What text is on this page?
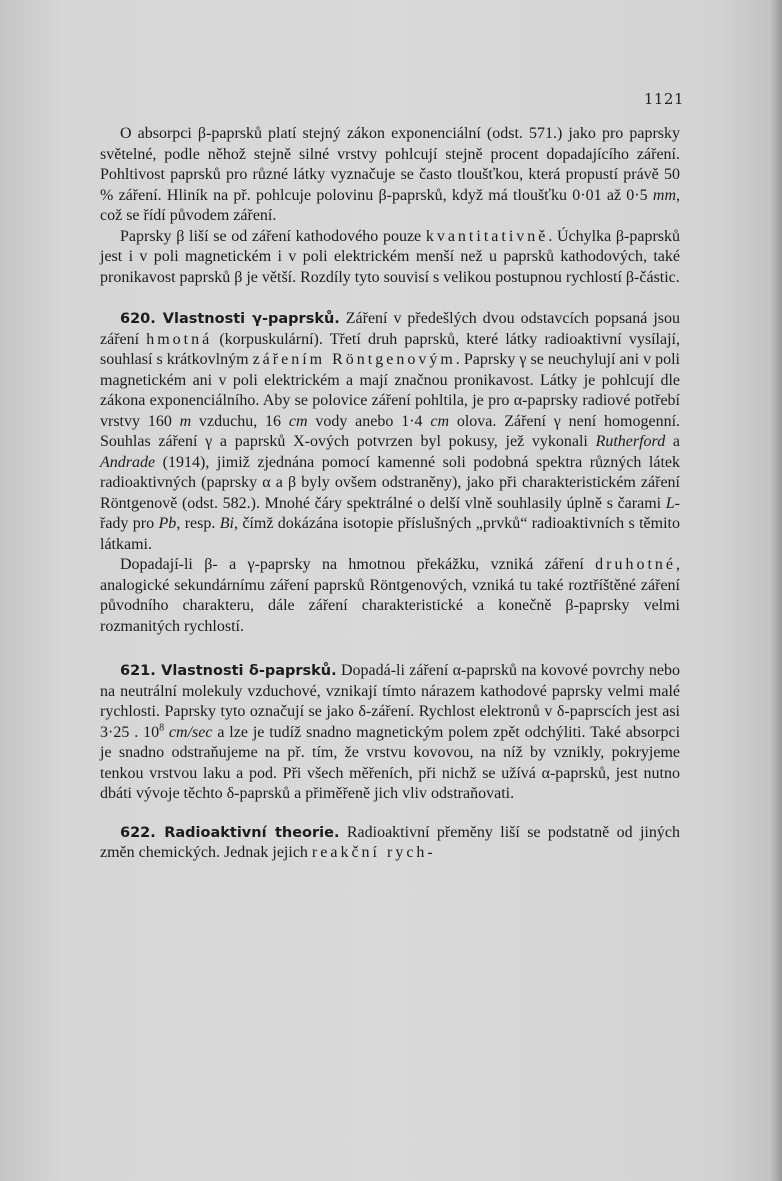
1121

O absorpci β-paprsků platí stejný zákon exponenciální (odst. 571.) jako pro paprsky světelné, podle něhož stejně silné vrstvy pohlcují stejně procent dopadajícího záření. Pohltivost paprsků pro různé látky vyznačuje se často tloušťkou, která propustí právě 50 % záření. Hliník na př. pohlcuje polovinu β-paprsků, když má tloušťku 0·01 až 0·5 mm, což se řídí původem záření.

Paprsky β liší se od záření kathodového pouze kvantitativně. Úchylka β-paprsků jest i v poli magnetickém i v poli elektrickém menší než u paprsků kathodových, také pronikavost paprsků β je větší. Rozdíly tyto souvisí s velikou postupnou rychlostí β-částic.

620. Vlastnosti γ-paprsků. Záření v předešlých dvou odstavcích popsaná jsou záření hmotná (korpuskulární). Třetí druh paprsků, které látky radioaktivní vysílají, souhlasí s krátkovlným zářením Röntgenovým. Paprsky γ se neuchylují ani v poli magnetickém ani v poli elektrickém a mají značnou pronikavost. Látky je pohlcují dle zákona exponenciálního. Aby se polovice záření pohltila, je pro α-paprsky radiové potřebí vrstvy 160 m vzduchu, 16 cm vody anebo 1·4 cm olova. Záření γ není homogenní. Souhlas záření γ a paprsků X-ových potvrzen byl pokusy, jež vykonali Rutherford a Andrade (1914), jimiž zjednána pomocí kamenné soli podobná spektra různých látek radioaktivných (paprsky α a β byly ovšem odstraněny), jako při charakteristickém záření Röntgenově (odst. 582.). Mnohé čáry spektrálné o delší vlně souhlasily úplně s čarami L-řady pro Pb, resp. Bi, čímž dokázána isotopie příslušných „prvků“ radioaktivních s těmito látkami.

Dopadají-li β- a γ-paprsky na hmotnou překážku, vzniká záření druhotné, analogické sekundárnímu záření paprsků Röntgenových, vzniká tu také roztříštěné záření původního charakteru, dále záření charakteristické a konečně β-paprsky velmi rozmanitých rychlostí.

621. Vlastnosti δ-paprsků. Dopadá-li záření α-paprsků na kovové povrchy nebo na neutrální molekuly vzduchové, vznikají tímto nárazem kathodové paprsky velmi malé rychlosti. Paprsky tyto označují se jako δ-záření. Rychlost elektronů v δ-paprscích jest asi 3·25 . $10^8$ cm/sec a lze je tudíž snadno magnetickým polem zpět odchýliti. Také absorpci je snadno odstraňujeme na př. tím, že vrstvu kovovou, na níž by vznikly, pokryjeme tenkou vrstvou laku a pod. Při všech měřeních, při nichž se užívá α-paprsků, jest nutno dbáti vývoje těchto δ-paprsků a přiměřeně jich vliv odstraňovati.

622. Radioaktivní theorie. Radioaktivní přeměny liší se podstatně od jiných změn chemických. Jednak jejich reakční rych-
